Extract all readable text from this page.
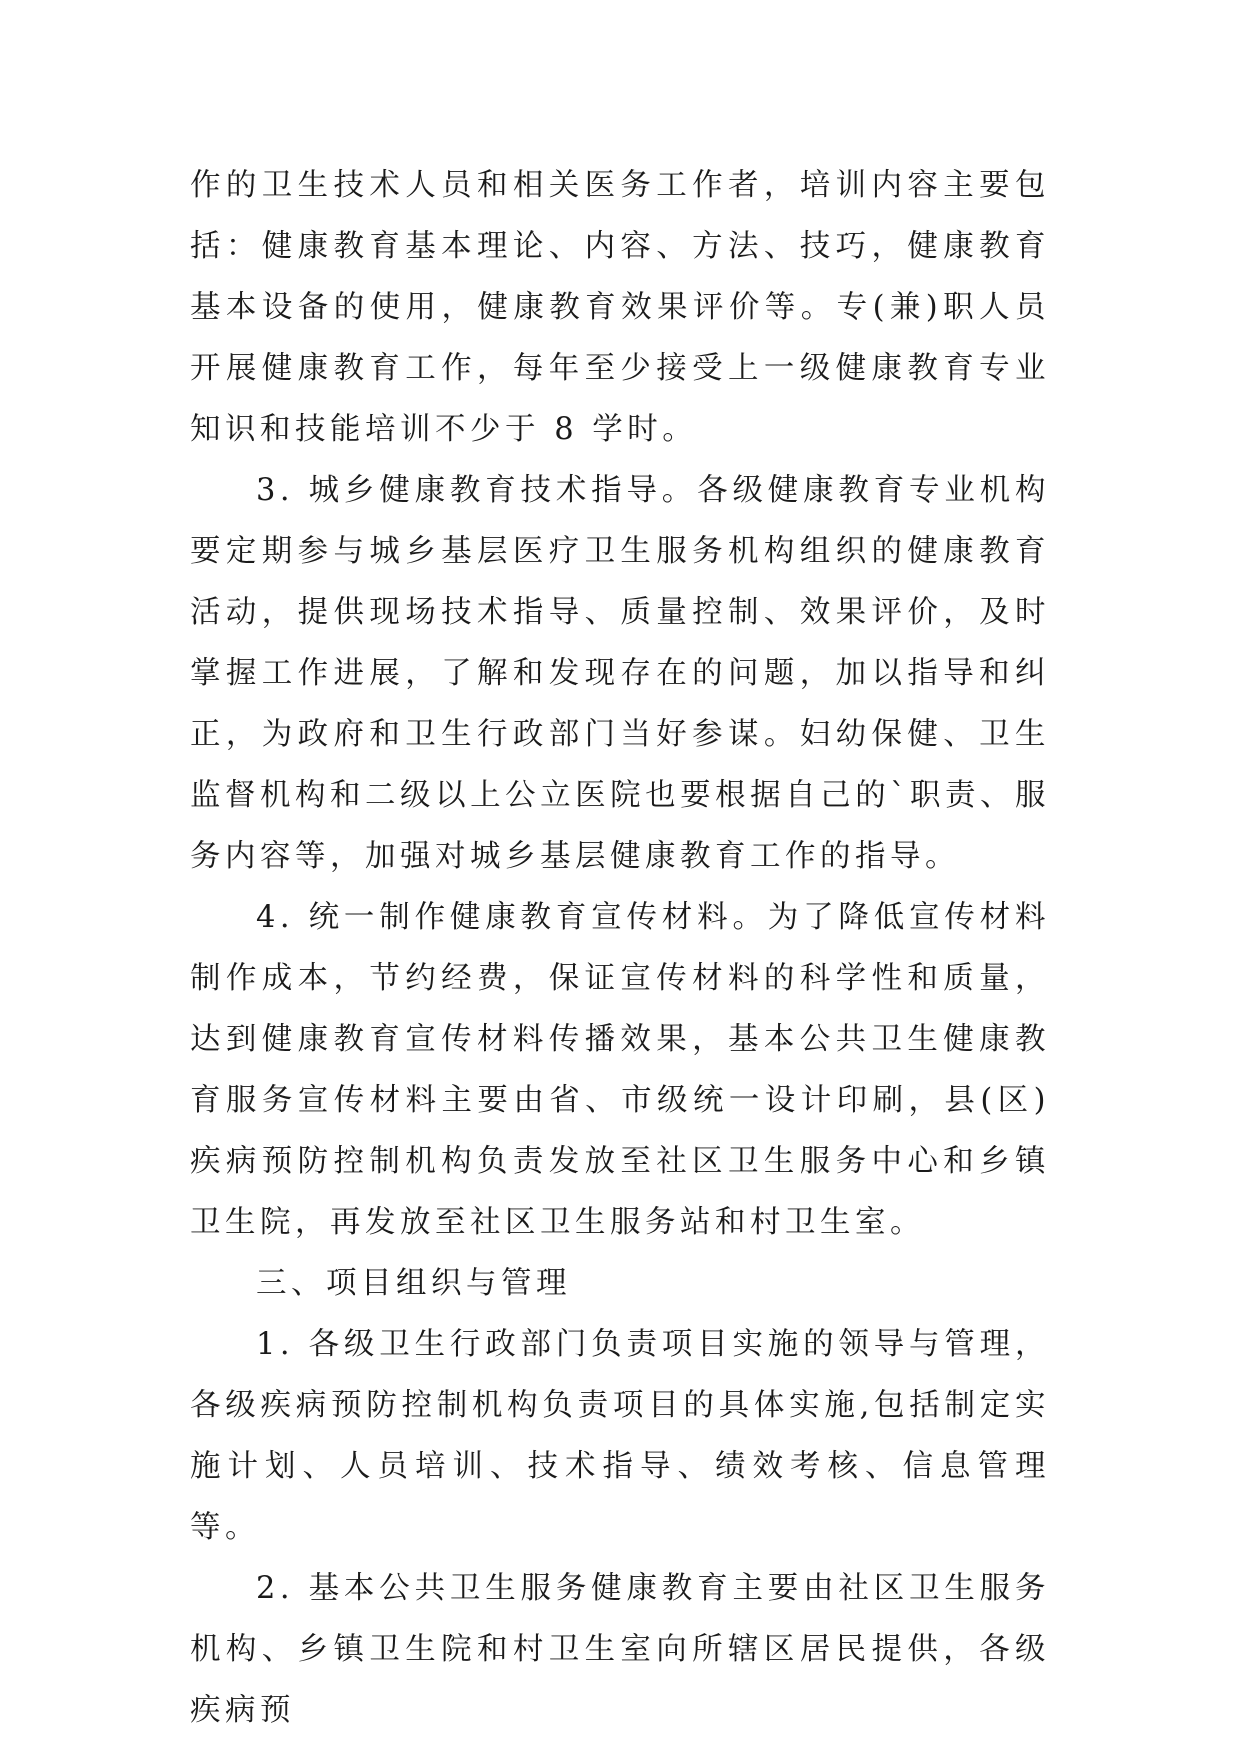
作的卫生技术人员和相关医务工作者，培训内容主要包括：健康教育基本理论、内容、方法、技巧，健康教育基本设备的使用，健康教育效果评价等。专(兼)职人员开展健康教育工作，每年至少接受上一级健康教育专业知识和技能培训不少于 8 学时。

3. 城乡健康教育技术指导。各级健康教育专业机构要定期参与城乡基层医疗卫生服务机构组织的健康教育活动，提供现场技术指导、质量控制、效果评价，及时掌握工作进展，了解和发现存在的问题，加以指导和纠正，为政府和卫生行政部门当好参谋。妇幼保健、卫生监督机构和二级以上公立医院也要根据自己的`职责、服务内容等，加强对城乡基层健康教育工作的指导。

4. 统一制作健康教育宣传材料。为了降低宣传材料制作成本，节约经费，保证宣传材料的科学性和质量，达到健康教育宣传材料传播效果，基本公共卫生健康教育服务宣传材料主要由省、市级统一设计印刷，县(区)疾病预防控制机构负责发放至社区卫生服务中心和乡镇卫生院，再发放至社区卫生服务站和村卫生室。

三、项目组织与管理

1. 各级卫生行政部门负责项目实施的领导与管理，各级疾病预防控制机构负责项目的具体实施,包括制定实施计划、人员培训、技术指导、绩效考核、信息管理等。

2. 基本公共卫生服务健康教育主要由社区卫生服务机构、乡镇卫生院和村卫生室向所辖区居民提供，各级疾病预
